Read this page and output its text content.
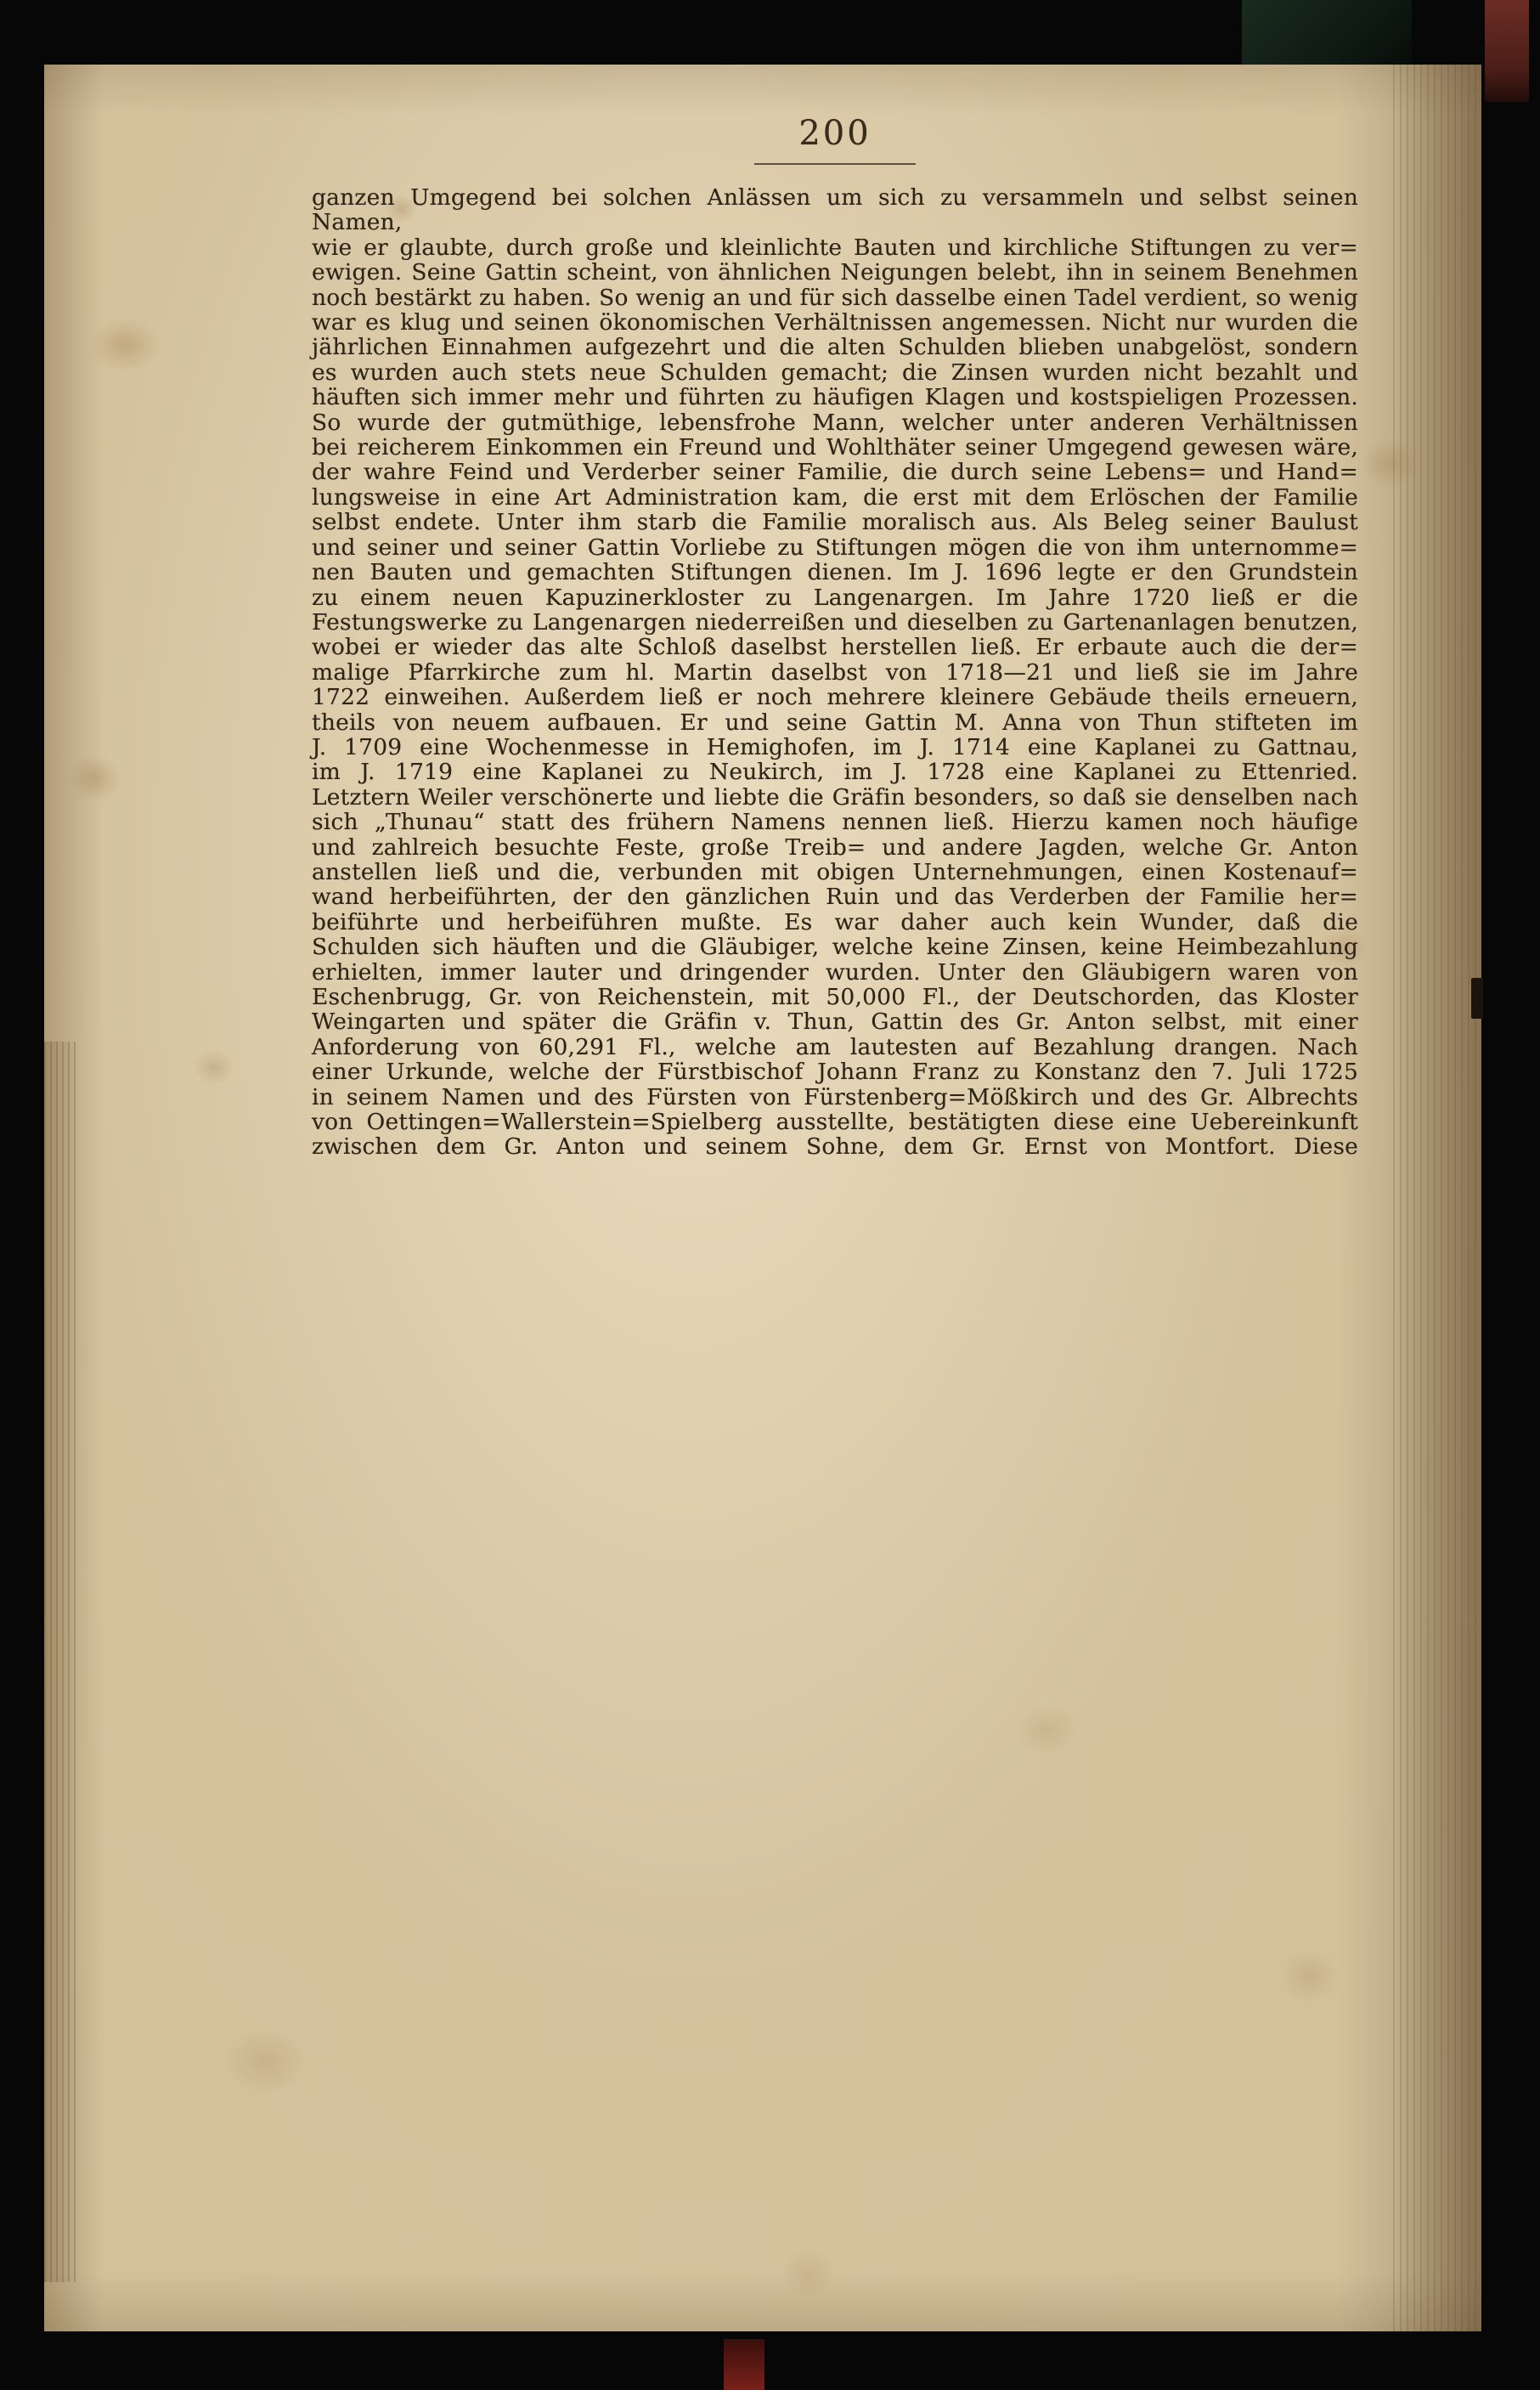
200
ganzen Umgegend bei solchen Anlässen um sich zu versammeln und selbst seinen Namen,
wie er glaubte, durch große und kleinlichte Bauten und kirchliche Stiftungen zu ver=
ewigen. Seine Gattin scheint, von ähnlichen Neigungen belebt, ihn in seinem Benehmen
noch bestärkt zu haben. So wenig an und für sich dasselbe einen Tadel verdient, so wenig
war es klug und seinen ökonomischen Verhältnissen angemessen. Nicht nur wurden die
jährlichen Einnahmen aufgezehrt und die alten Schulden blieben unabgelöst, sondern
es wurden auch stets neue Schulden gemacht; die Zinsen wurden nicht bezahlt und
häuften sich immer mehr und führten zu häufigen Klagen und kostspieligen Prozessen.
So wurde der gutmüthige, lebensfrohe Mann, welcher unter anderen Verhältnissen
bei reicherem Einkommen ein Freund und Wohlthäter seiner Umgegend gewesen wäre,
der wahre Feind und Verderber seiner Familie, die durch seine Lebens= und Hand=
lungsweise in eine Art Administration kam, die erst mit dem Erlöschen der Familie
selbst endete. Unter ihm starb die Familie moralisch aus. Als Beleg seiner Baulust
und seiner und seiner Gattin Vorliebe zu Stiftungen mögen die von ihm unternomme=
nen Bauten und gemachten Stiftungen dienen. Im J. 1696 legte er den Grundstein
zu einem neuen Kapuzinerkloster zu Langenargen. Im Jahre 1720 ließ er die
Festungswerke zu Langenargen niederreißen und dieselben zu Gartenanlagen benutzen,
wobei er wieder das alte Schloß daselbst herstellen ließ. Er erbaute auch die der=
malige Pfarrkirche zum hl. Martin daselbst von 1718—21 und ließ sie im Jahre
1722 einweihen. Außerdem ließ er noch mehrere kleinere Gebäude theils erneuern,
theils von neuem aufbauen. Er und seine Gattin M. Anna von Thun stifteten im
J. 1709 eine Wochenmesse in Hemighofen, im J. 1714 eine Kaplanei zu Gattnau,
im J. 1719 eine Kaplanei zu Neukirch, im J. 1728 eine Kaplanei zu Ettenried.
Letztern Weiler verschönerte und liebte die Gräfin besonders, so daß sie denselben nach
sich „Thunau“ statt des frühern Namens nennen ließ. Hierzu kamen noch häufige
und zahlreich besuchte Feste, große Treib= und andere Jagden, welche Gr. Anton
anstellen ließ und die, verbunden mit obigen Unternehmungen, einen Kostenauf=
wand herbeiführten, der den gänzlichen Ruin und das Verderben der Familie her=
beiführte und herbeiführen mußte. Es war daher auch kein Wunder, daß die
Schulden sich häuften und die Gläubiger, welche keine Zinsen, keine Heimbezahlung
erhielten, immer lauter und dringender wurden. Unter den Gläubigern waren von
Eschenbrugg, Gr. von Reichenstein, mit 50,000 Fl., der Deutschorden, das Kloster
Weingarten und später die Gräfin v. Thun, Gattin des Gr. Anton selbst, mit einer
Anforderung von 60,291 Fl., welche am lautesten auf Bezahlung drangen. Nach
einer Urkunde, welche der Fürstbischof Johann Franz zu Konstanz den 7. Juli 1725
in seinem Namen und des Fürsten von Fürstenberg=Mößkirch und des Gr. Albrechts
von Oettingen=Wallerstein=Spielberg ausstellte, bestätigten diese eine Uebereinkunft
zwischen dem Gr. Anton und seinem Sohne, dem Gr. Ernst von Montfort. Diese
